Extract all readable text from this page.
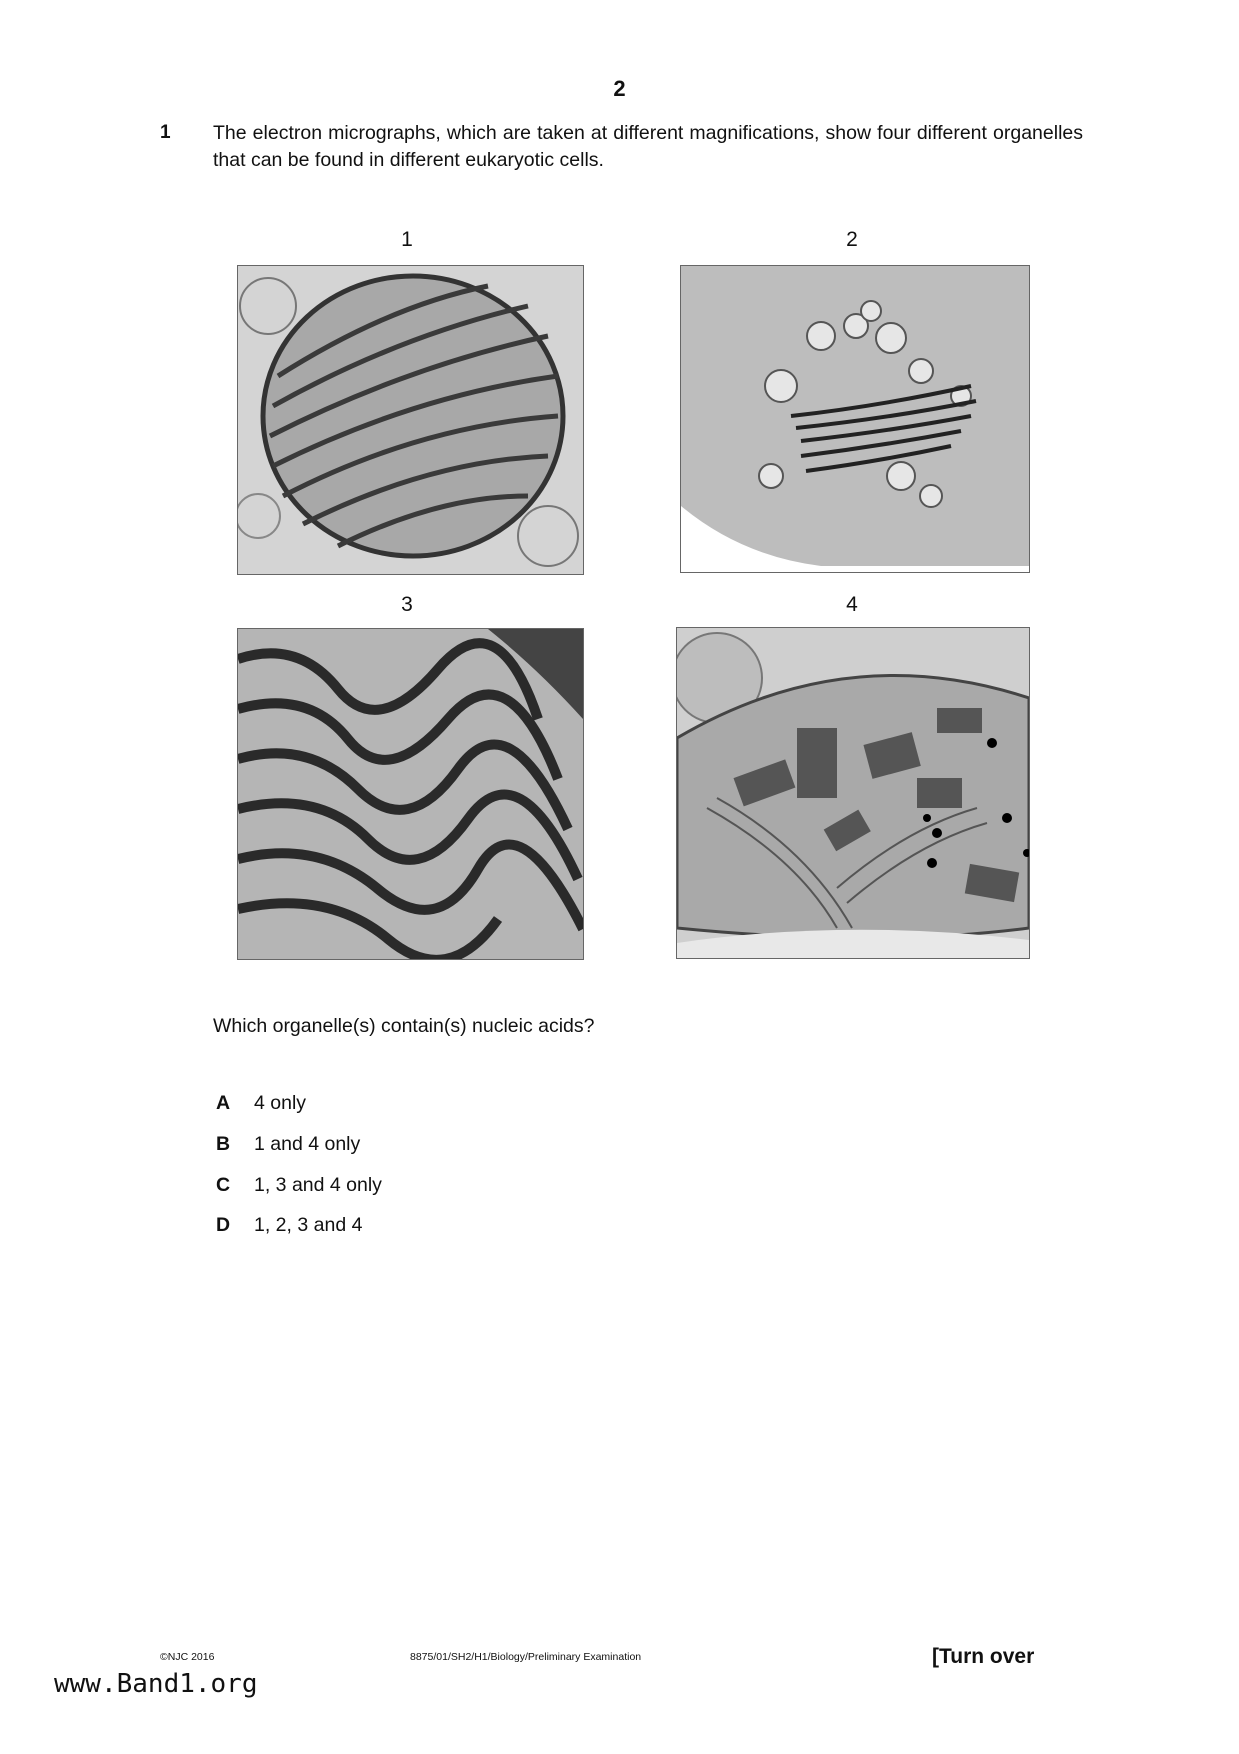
2
1 The electron micrographs, which are taken at different magnifications, show four different organelles that can be found in different eukaryotic cells.
1	2
3	4
Which organelle(s) contain(s) nucleic acids?
A	4 only
B	1 and 4 only
C	1, 3 and 4 only
D	1, 2, 3 and 4
©NJC 2016	8875/01/SH2/H1/Biology/Preliminary Examination	[Turn over
www.Band1.org
